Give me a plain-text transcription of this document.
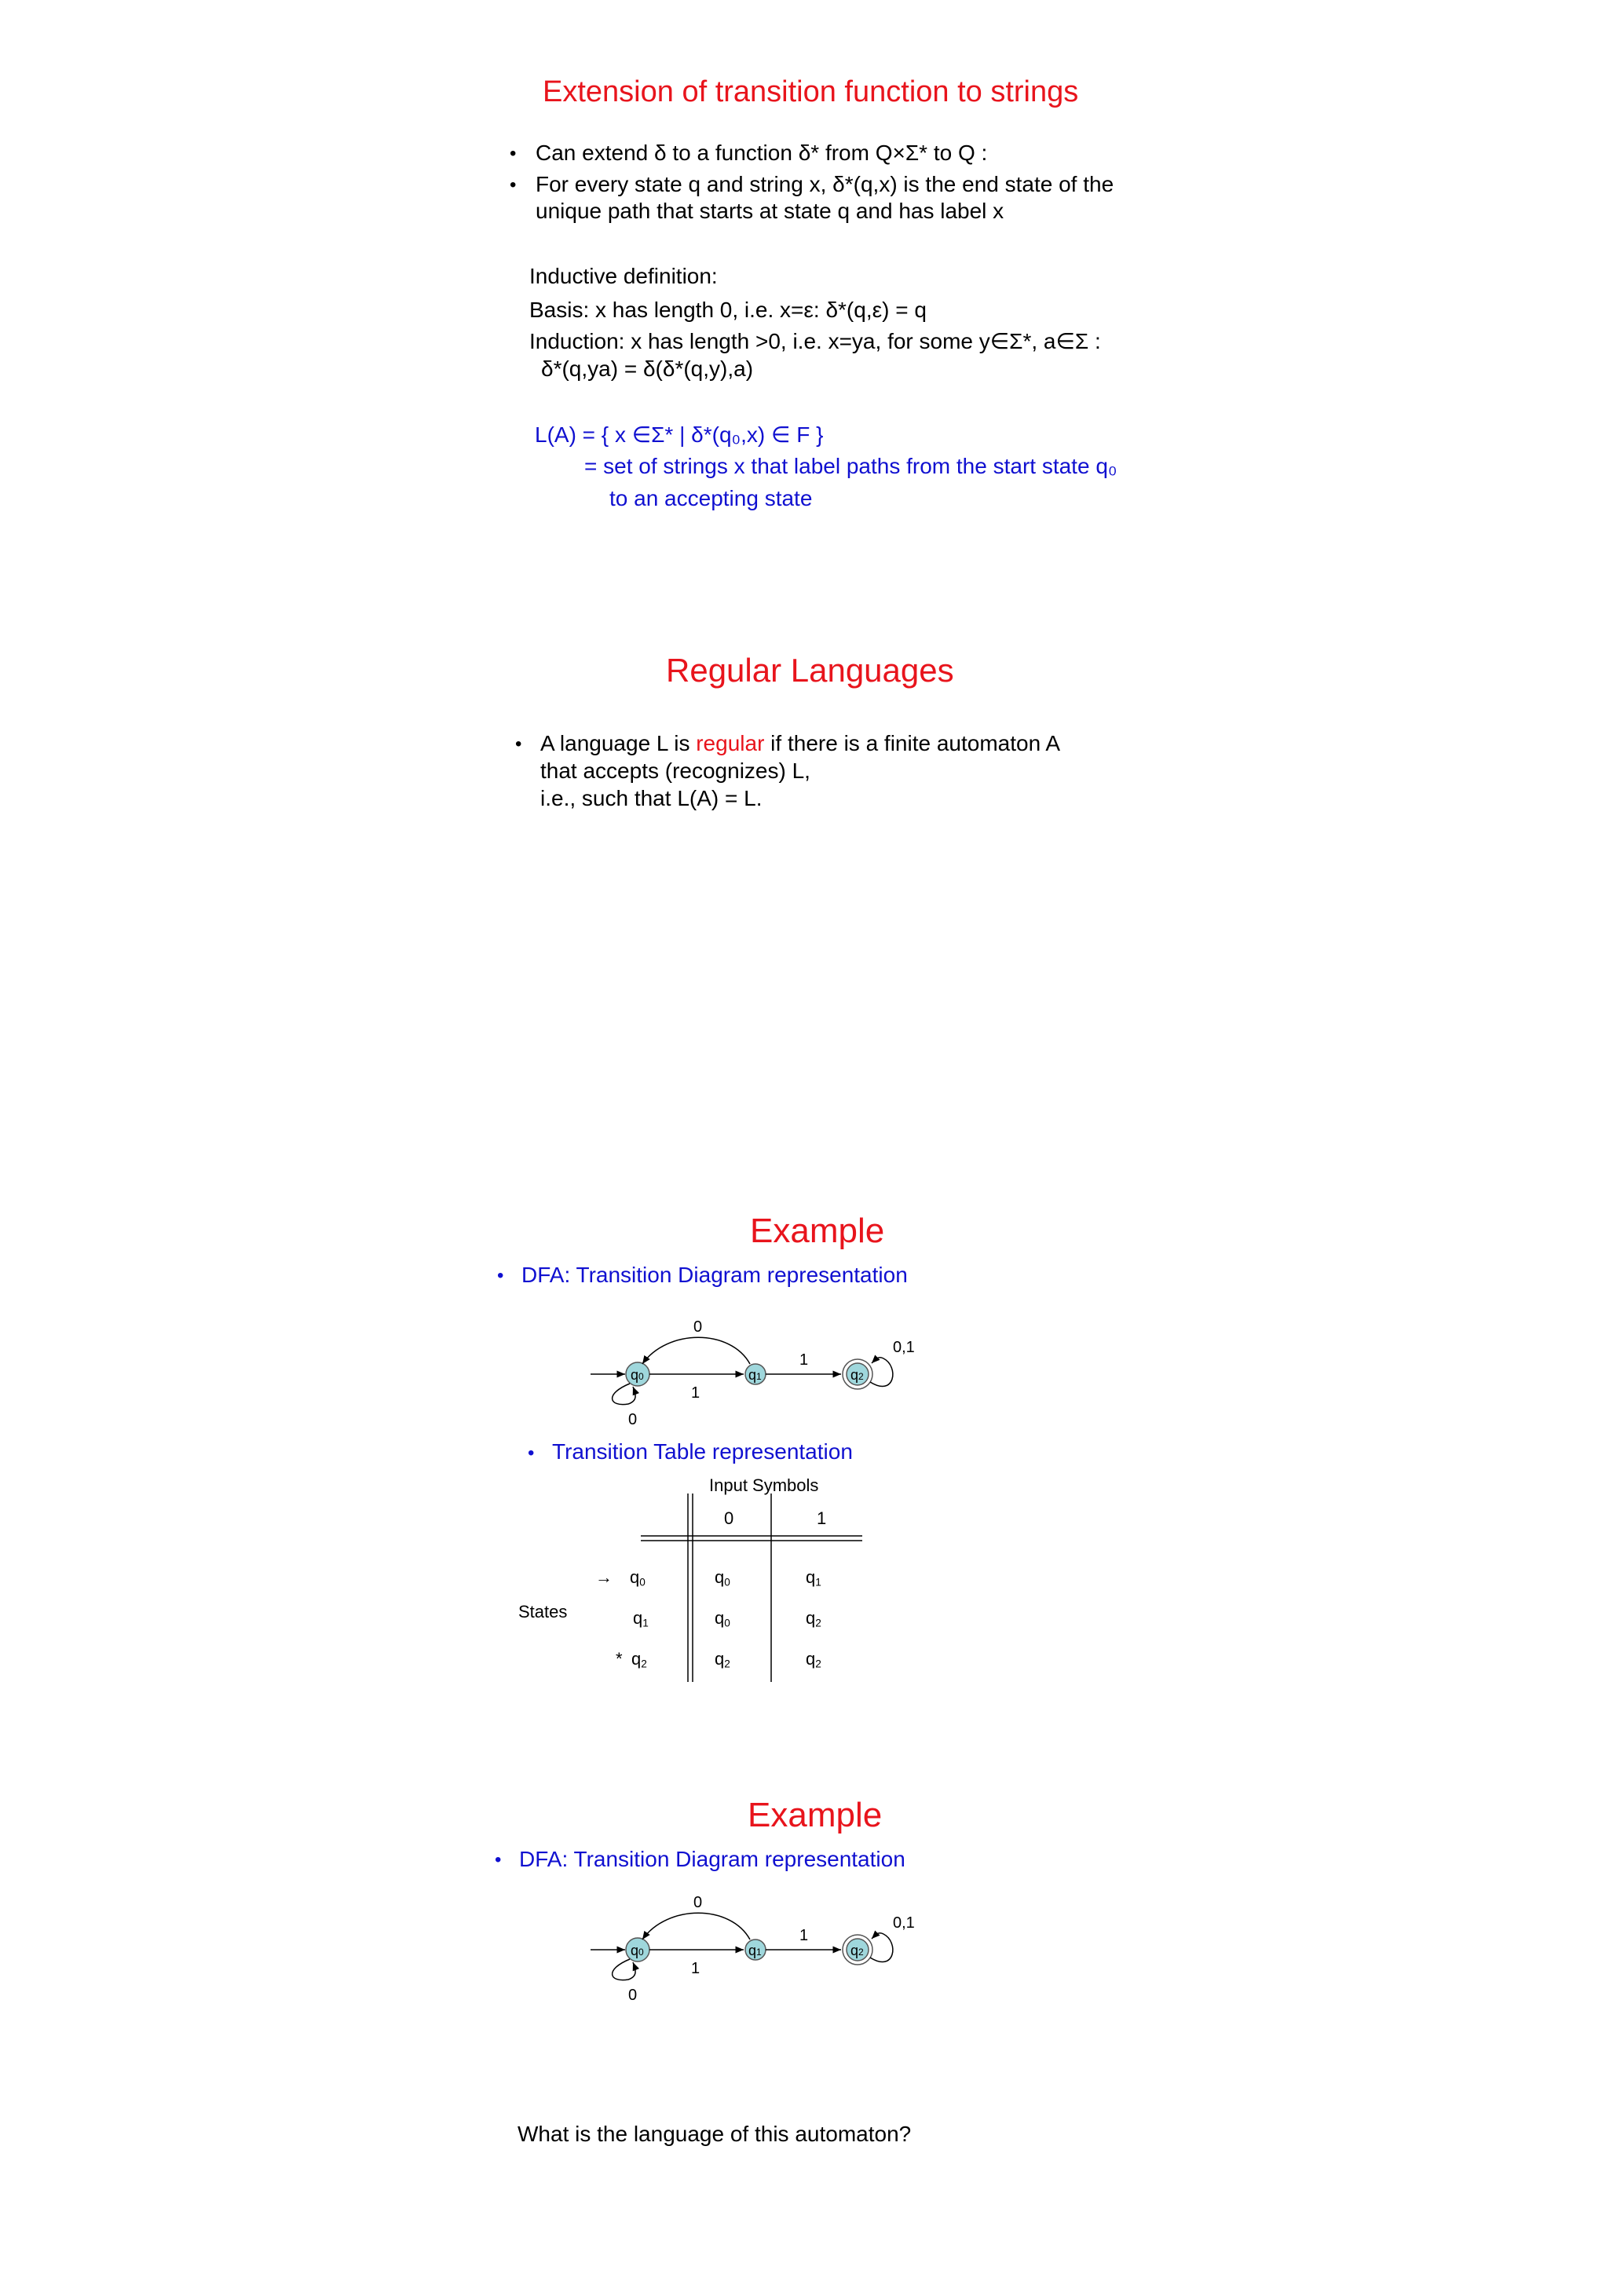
Extension of transition function to strings
• Can extend δ to a function δ* from Q×Σ* to Q :
• For every state q and string x, δ*(q,x) is the end state of the
unique path that starts at state q and has label x
Inductive definition:
Basis: x has length 0, i.e. x=ε: δ*(q,ε) = q
Induction: x has length >0, i.e. x=ya, for some y∈Σ*, a∈Σ :
δ*(q,ya) = δ(δ*(q,y),a)
L(A) = { x ∈Σ* | δ*(q₀,x) ∈ F }
= set of strings x that label paths from the start state q₀
to an accepting state
Regular Languages
• A language L is regular if there is a finite automaton A
that accepts (recognizes) L,
i.e., such that L(A) = L.
Example
• DFA: Transition Diagram representation
q0	q1	q2
0
1
1
0
0,1
• Transition Table representation
Input Symbols
0	1
States
→ $q_0$	$q_0$	$q_1$
$q_1$	$q_0$	$q_2$
* $q_2$	$q_2$	$q_2$
Example
• DFA: Transition Diagram representation
q0	q1	q2
0
1
1
0
0,1
What is the language of this automaton?
